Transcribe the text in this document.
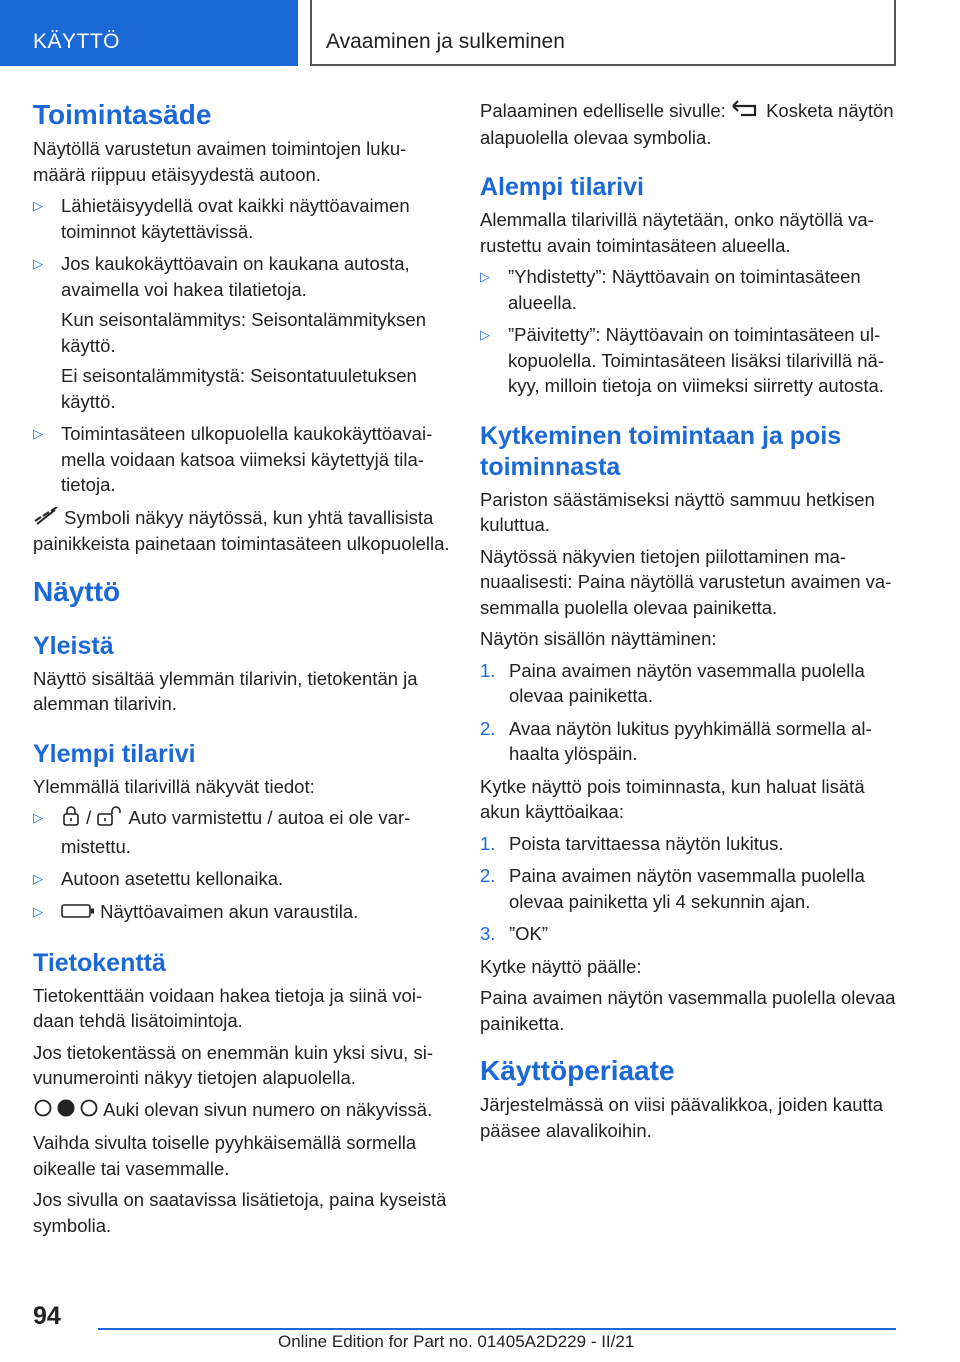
KÄYTTÖ	Avaaminen ja sulkeminen
Toimintasäde

Näytöllä varustetun avaimen toimintojen lukumäärä riippuu etäisyydestä autoon.

▷ Lähietäisyydellä ovat kaikki näyttöavaimen toiminnot käytettävissä.
▷ Jos kaukokäyttöavain on kaukana autosta, avaimella voi hakea tilatietoja.

Kun seisontalämmitys: Seisontalämmityksen käyttö.

Ei seisontalämmitystä: Seisontatuuletuksen käyttö.

▷ Toimintasäteen ulkopuolella kaukokäyttöavaimella voidaan katsoa viimeksi käytettyjä tilatietoja.

Symboli näkyy näytössä, kun yhtä tavallisista painikkeista painetaan toimintasäteen ulkopuolella.

Näyttö
Yleistä

Näyttö sisältää ylemmän tilarivin, tietokentän ja alemman tilarivin.

Ylempi tilarivi

Ylemmällä tilarivillä näkyvät tiedot:

▷ / Auto varmistettu / autoa ei ole varmistettu.
▷ Autoon asetettu kellonaika.
▷	Näyttöavaimen akun varaustila.
Tietokenttä

Tietokenttään voidaan hakea tietoja ja siinä voidaan tehdä lisätoimintoja.

Jos tietokentässä on enemmän kuin yksi sivu, sivunumerointi näkyy tietojen alapuolella.

Auki olevan sivun numero on näkyvissä.

Vaihda sivulta toiselle pyyhkäisemällä sormella oikealle tai vasemmalle.

Jos sivulla on saatavissa lisätietoja, paina kyseistä symbolia.

Palaaminen edelliselle sivulle: Kosketa näytön alapuolella olevaa symbolia.

Alempi tilarivi

Alemmalla tilarivillä näytetään, onko näytöllä varustettu avain toimintasäteen alueella.

▷ ”Yhdistetty”: Näyttöavain on toimintasäteen alueella.
▷ ”Päivitetty”: Näyttöavain on toimintasäteen ulkopuolella. Toimintasäteen lisäksi tilarivillä näkyy, milloin tietoja on viimeksi siirretty autosta.
Kytkeminen toimintaan ja pois toiminnasta

Pariston säästämiseksi näyttö sammuu hetkisen kuluttua.

Näytössä näkyvien tietojen piilottaminen manuaalisesti: Paina näytöllä varustetun avaimen vasemmalla puolella olevaa painiketta.

Näytön sisällön näyttäminen:

1. Paina avaimen näytön vasemmalla puolella olevaa painiketta.
2. Avaa näytön lukitus pyyhkimällä sormella alhaalta ylöspäin.

Kytke näyttö pois toiminnasta, kun haluat lisätä akun käyttöaikaa:

1. Poista tarvittaessa näytön lukitus.
2. Paina avaimen näytön vasemmalla puolella olevaa painiketta yli 4 sekunnin ajan.
3. ”OK”

Kytke näyttö päälle:

Paina avaimen näytön vasemmalla puolella olevaa painiketta.

Käyttöperiaate

Järjestelmässä on viisi päävalikkoa, joiden kautta pääsee alavalikoihin.

94
Online Edition for Part no. 01405A2D229 - II/21
